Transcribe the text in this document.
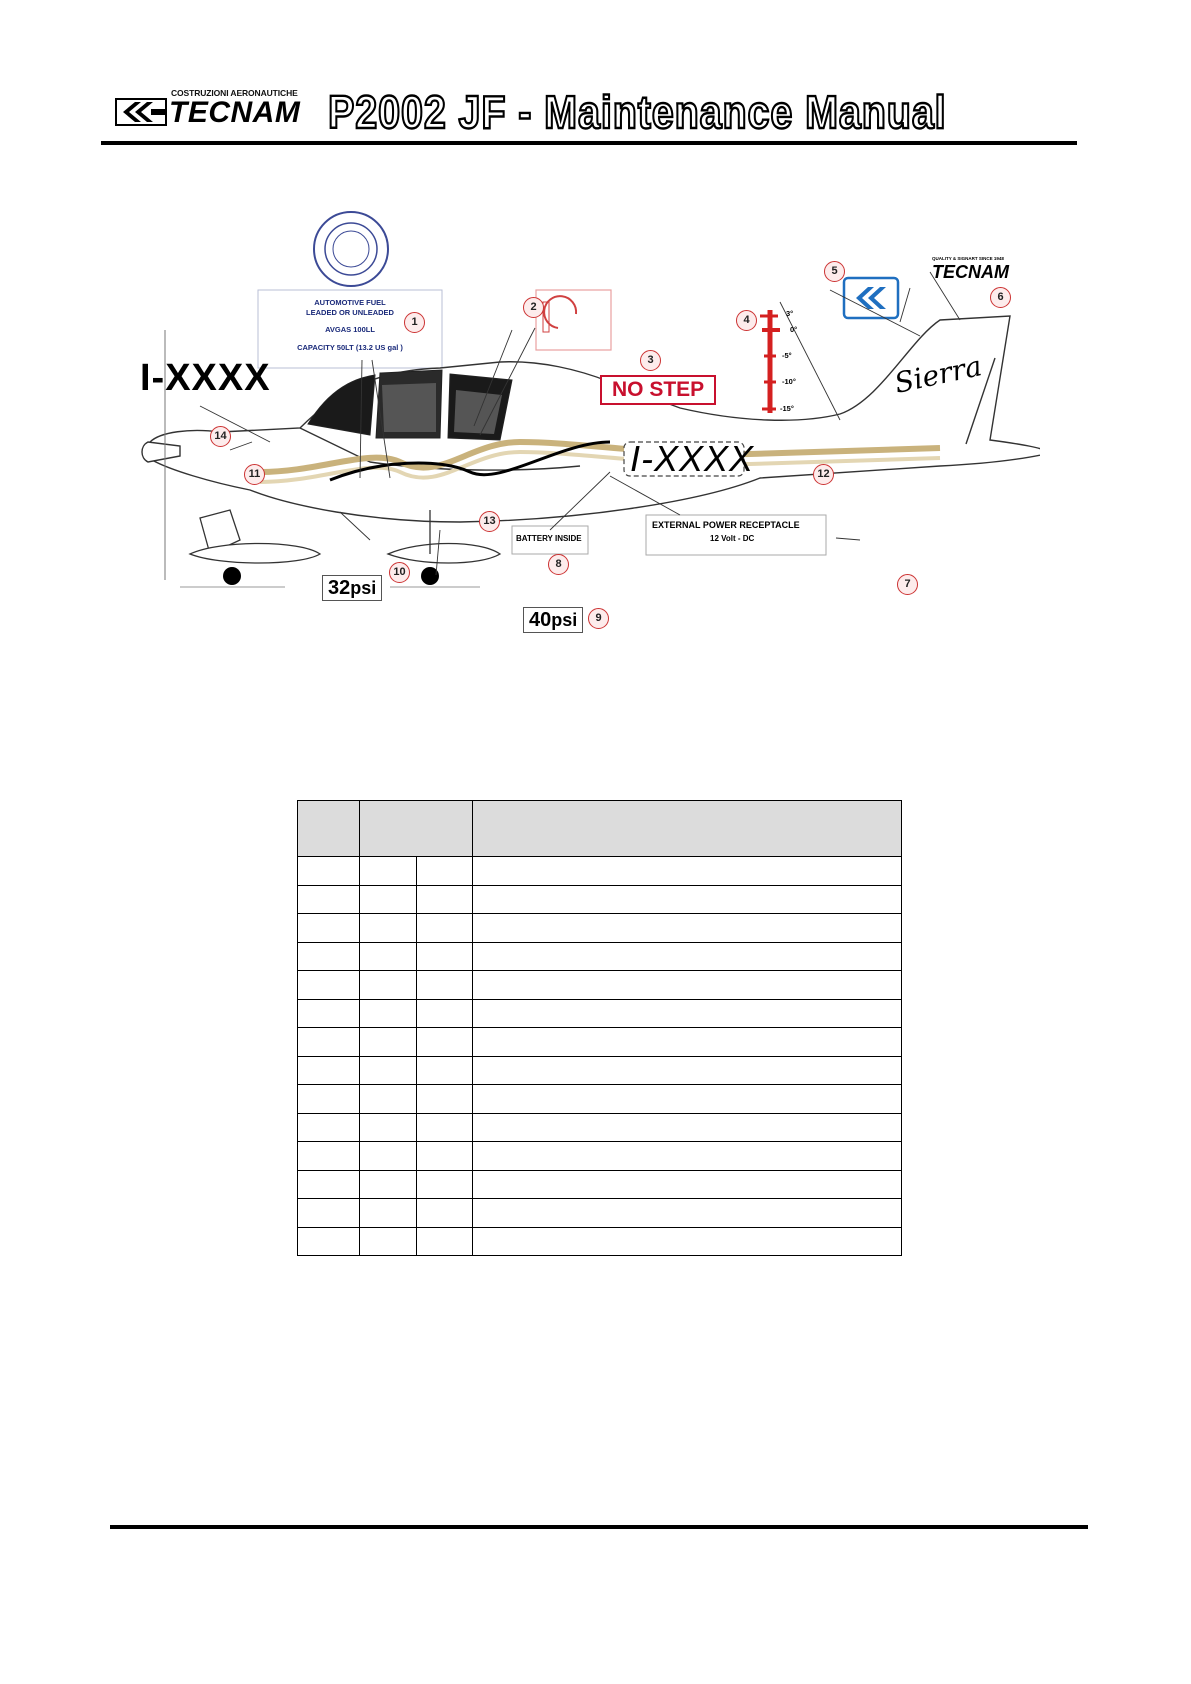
COSTRUZIONI AERONAUTICHE
TECNAM P2002 JF - Maintenance Manual
I-XXXX
AUTOMOTIVE FUEL
LEADED OR UNLEADED
AVGAS 100LL
CAPACITY 50LT (13.2 US gal )
NO STEP
3°
0°
-5°
-10°
-15°
QUALITY & SIGNART SINCE 1948
TECNAM
Sierra
I-XXXX
BATTERY INSIDE
EXTERNAL POWER RECEPTACLE
12 Volt - DC
32psi
40psi
1
2
3
4
5
6
7
8
9
10
11	12
13
14
